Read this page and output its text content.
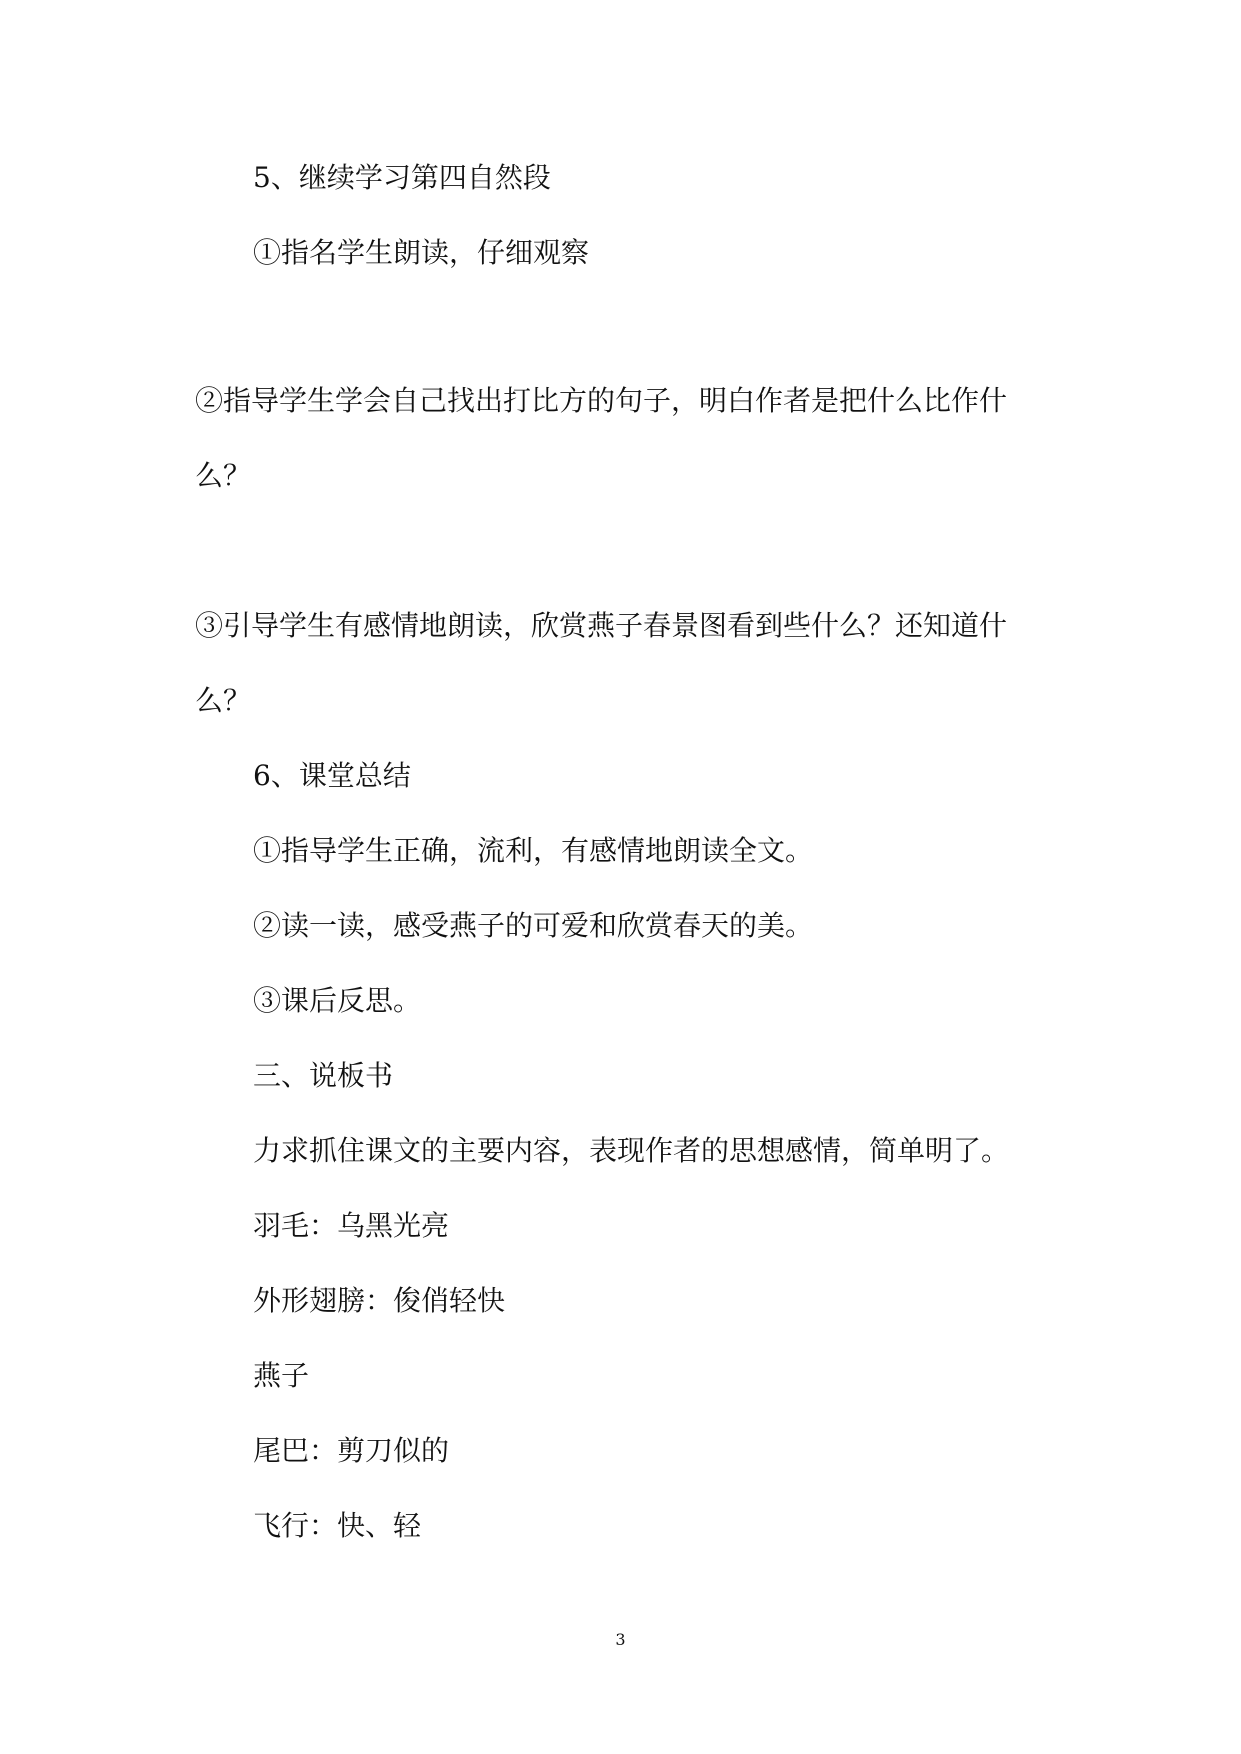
5、继续学习第四自然段
①指名学生朗读，仔细观察
②指导学生学会自己找出打比方的句子，明白作者是把什么比作什
么？
③引导学生有感情地朗读，欣赏燕子春景图看到些什么？还知道什
么？
6、课堂总结
①指导学生正确，流利，有感情地朗读全文。
②读一读，感受燕子的可爱和欣赏春天的美。
③课后反思。
三、说板书
力求抓住课文的主要内容，表现作者的思想感情，简单明了。
羽毛：乌黑光亮
外形翅膀：俊俏轻快
燕子
尾巴：剪刀似的
飞行：快、轻
3
